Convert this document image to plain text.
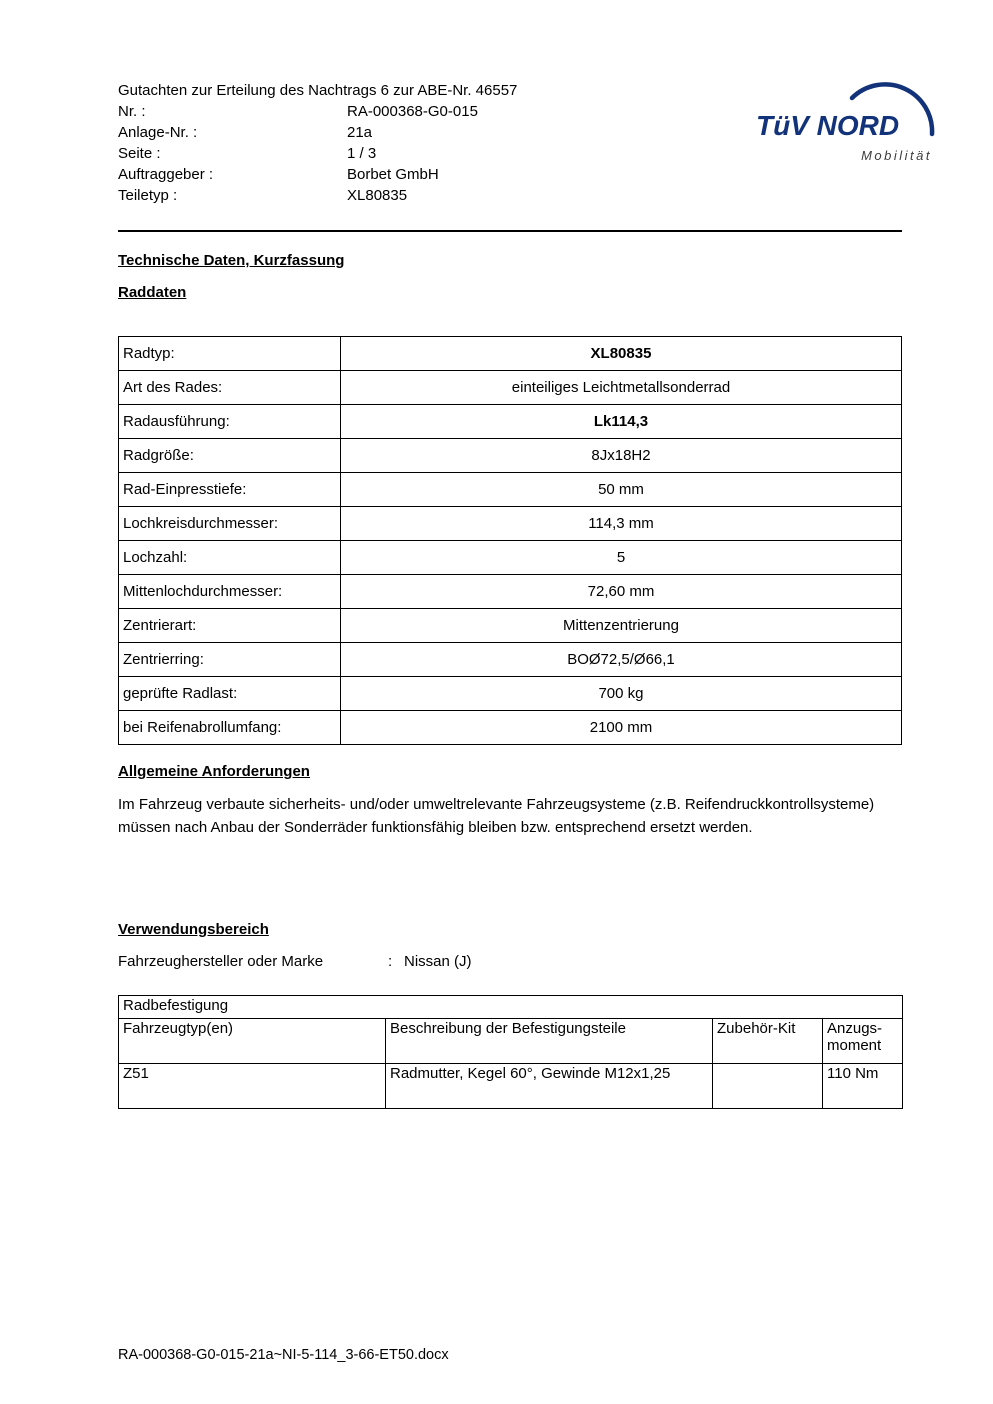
Gutachten zur Erteilung des Nachtrags 6 zur ABE-Nr. 46557
Nr. :	RA-000368-G0-015
Anlage-Nr. :	21a
Seite :	1 / 3
Auftraggeber :	Borbet GmbH
Teiletyp :	XL80835
TüV NORD
Mobilität
Technische Daten, Kurzfassung
Raddaten
Radtyp:	XL80835
Art des Rades:	einteiliges Leichtmetallsonderrad
Radausführung:	Lk114,3
Radgröße:	8Jx18H2
Rad-Einpresstiefe:	50 mm
Lochkreisdurchmesser:	114,3 mm
Lochzahl:	5
Mittenlochdurchmesser:	72,60 mm
Zentrierart:	Mittenzentrierung
Zentrierring:	BOØ72,5/Ø66,1
geprüfte Radlast:	700 kg
bei Reifenabrollumfang:	2100 mm
Allgemeine Anforderungen
Im Fahrzeug verbaute sicherheits- und/oder umweltrelevante Fahrzeugsysteme (z.B. Reifendruckkontrollsysteme) müssen nach Anbau der Sonderräder funktionsfähig bleiben bzw. entsprechend ersetzt werden.
Verwendungsbereich
Fahrzeughersteller oder Marke	: Nissan (J)
Radbefestigung			
Fahrzeugtyp(en)	Beschreibung der Befestigungsteile	Zubehör-Kit	Anzugs-moment
Z51	Radmutter, Kegel 60°, Gewinde M12x1,25		110 Nm
RA-000368-G0-015-21a~NI-5-114_3-66-ET50.docx
